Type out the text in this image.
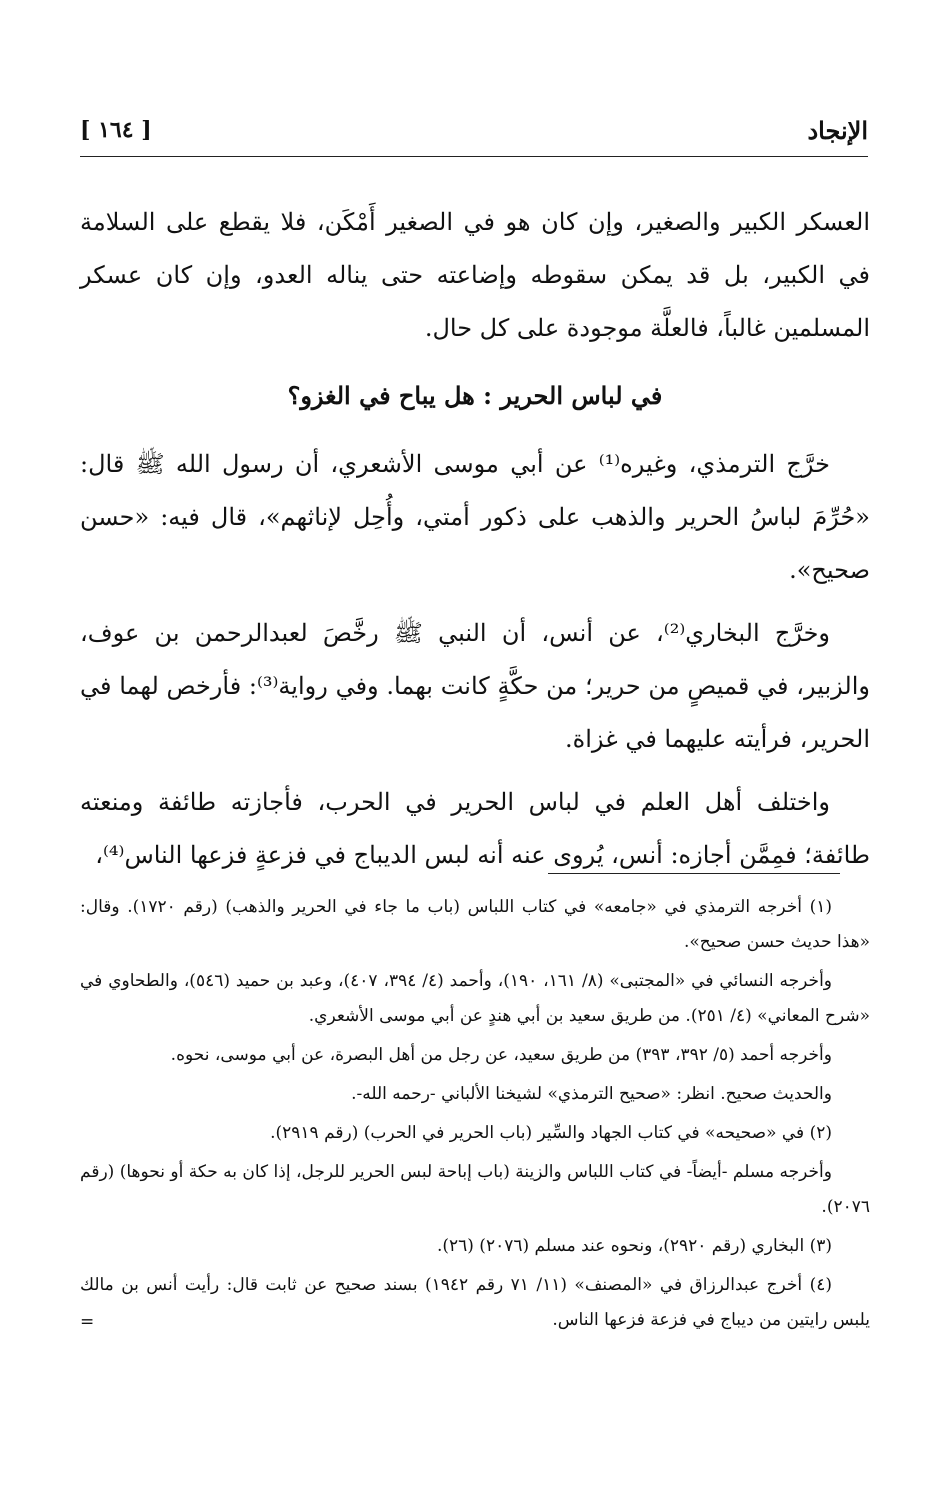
[ ١٦٤ ]	الإنجاد

العسكر الكبير والصغير، وإن كان هو في الصغير أَمْكَن، فلا يقطع على السلامة في الكبير، بل قد يمكن سقوطه وإضاعته حتى يناله العدو، وإن كان عسكر المسلمين غالباً، فالعلَّة موجودة على كل حال.

في لباس الحرير : هل يباح في الغزو؟

خرَّج الترمذي، وغيره⁽¹⁾ عن أبي موسى الأشعري، أن رسول الله ﷺ قال: «حُرِّمَ لباسُ الحرير والذهب على ذكور أمتي، وأُحِل لإناثهم»، قال فيه: «حسن صحيح».

وخرَّج البخاري⁽²⁾، عن أنس، أن النبي ﷺ رخَّصَ لعبدالرحمن بن عوف، والزبير، في قميصٍ من حرير؛ من حكَّةٍ كانت بهما. وفي رواية⁽³⁾: فأرخص لهما في الحرير، فرأيته عليهما في غزاة.

واختلف أهل العلم في لباس الحرير في الحرب، فأجازته طائفة ومنعته طائفة؛ فمِمَّن أجازه: أنس، يُروى عنه أنه لبس الديباج في فزعةٍ فزعها الناس⁽⁴⁾،

(١) أخرجه الترمذي في «جامعه» في كتاب اللباس (باب ما جاء في الحرير والذهب) (رقم ١٧٢٠). وقال: «هذا حديث حسن صحيح».

وأخرجه النسائي في «المجتبى» (٨/ ١٦١، ١٩٠)، وأحمد (٤/ ٣٩٤، ٤٠٧)، وعبد بن حميد (٥٤٦)، والطحاوي في «شرح المعاني» (٤/ ٢٥١). من طريق سعيد بن أبي هندٍ عن أبي موسى الأشعري.

وأخرجه أحمد (٥/ ٣٩٢، ٣٩٣) من طريق سعيد، عن رجل من أهل البصرة، عن أبي موسى، نحوه.

والحديث صحيح. انظر: «صحيح الترمذي» لشيخنا الألباني -رحمه الله-.

(٢) في «صحيحه» في كتاب الجهاد والسِّير (باب الحرير في الحرب) (رقم ٢٩١٩).

وأخرجه مسلم -أيضاً- في كتاب اللباس والزينة (باب إباحة لبس الحرير للرجل، إذا كان به حكة أو نحوها) (رقم ٢٠٧٦).

(٣) البخاري (رقم ٢٩٢٠)، ونحوه عند مسلم (٢٠٧٦) (٢٦).

(٤) أخرج عبدالرزاق في «المصنف» (١١/ ٧١ رقم ١٩٤٢) بسند صحيح عن ثابت قال: رأيت أنس بن مالك يلبس رايتين من ديباج في فزعة فزعها الناس.

=
